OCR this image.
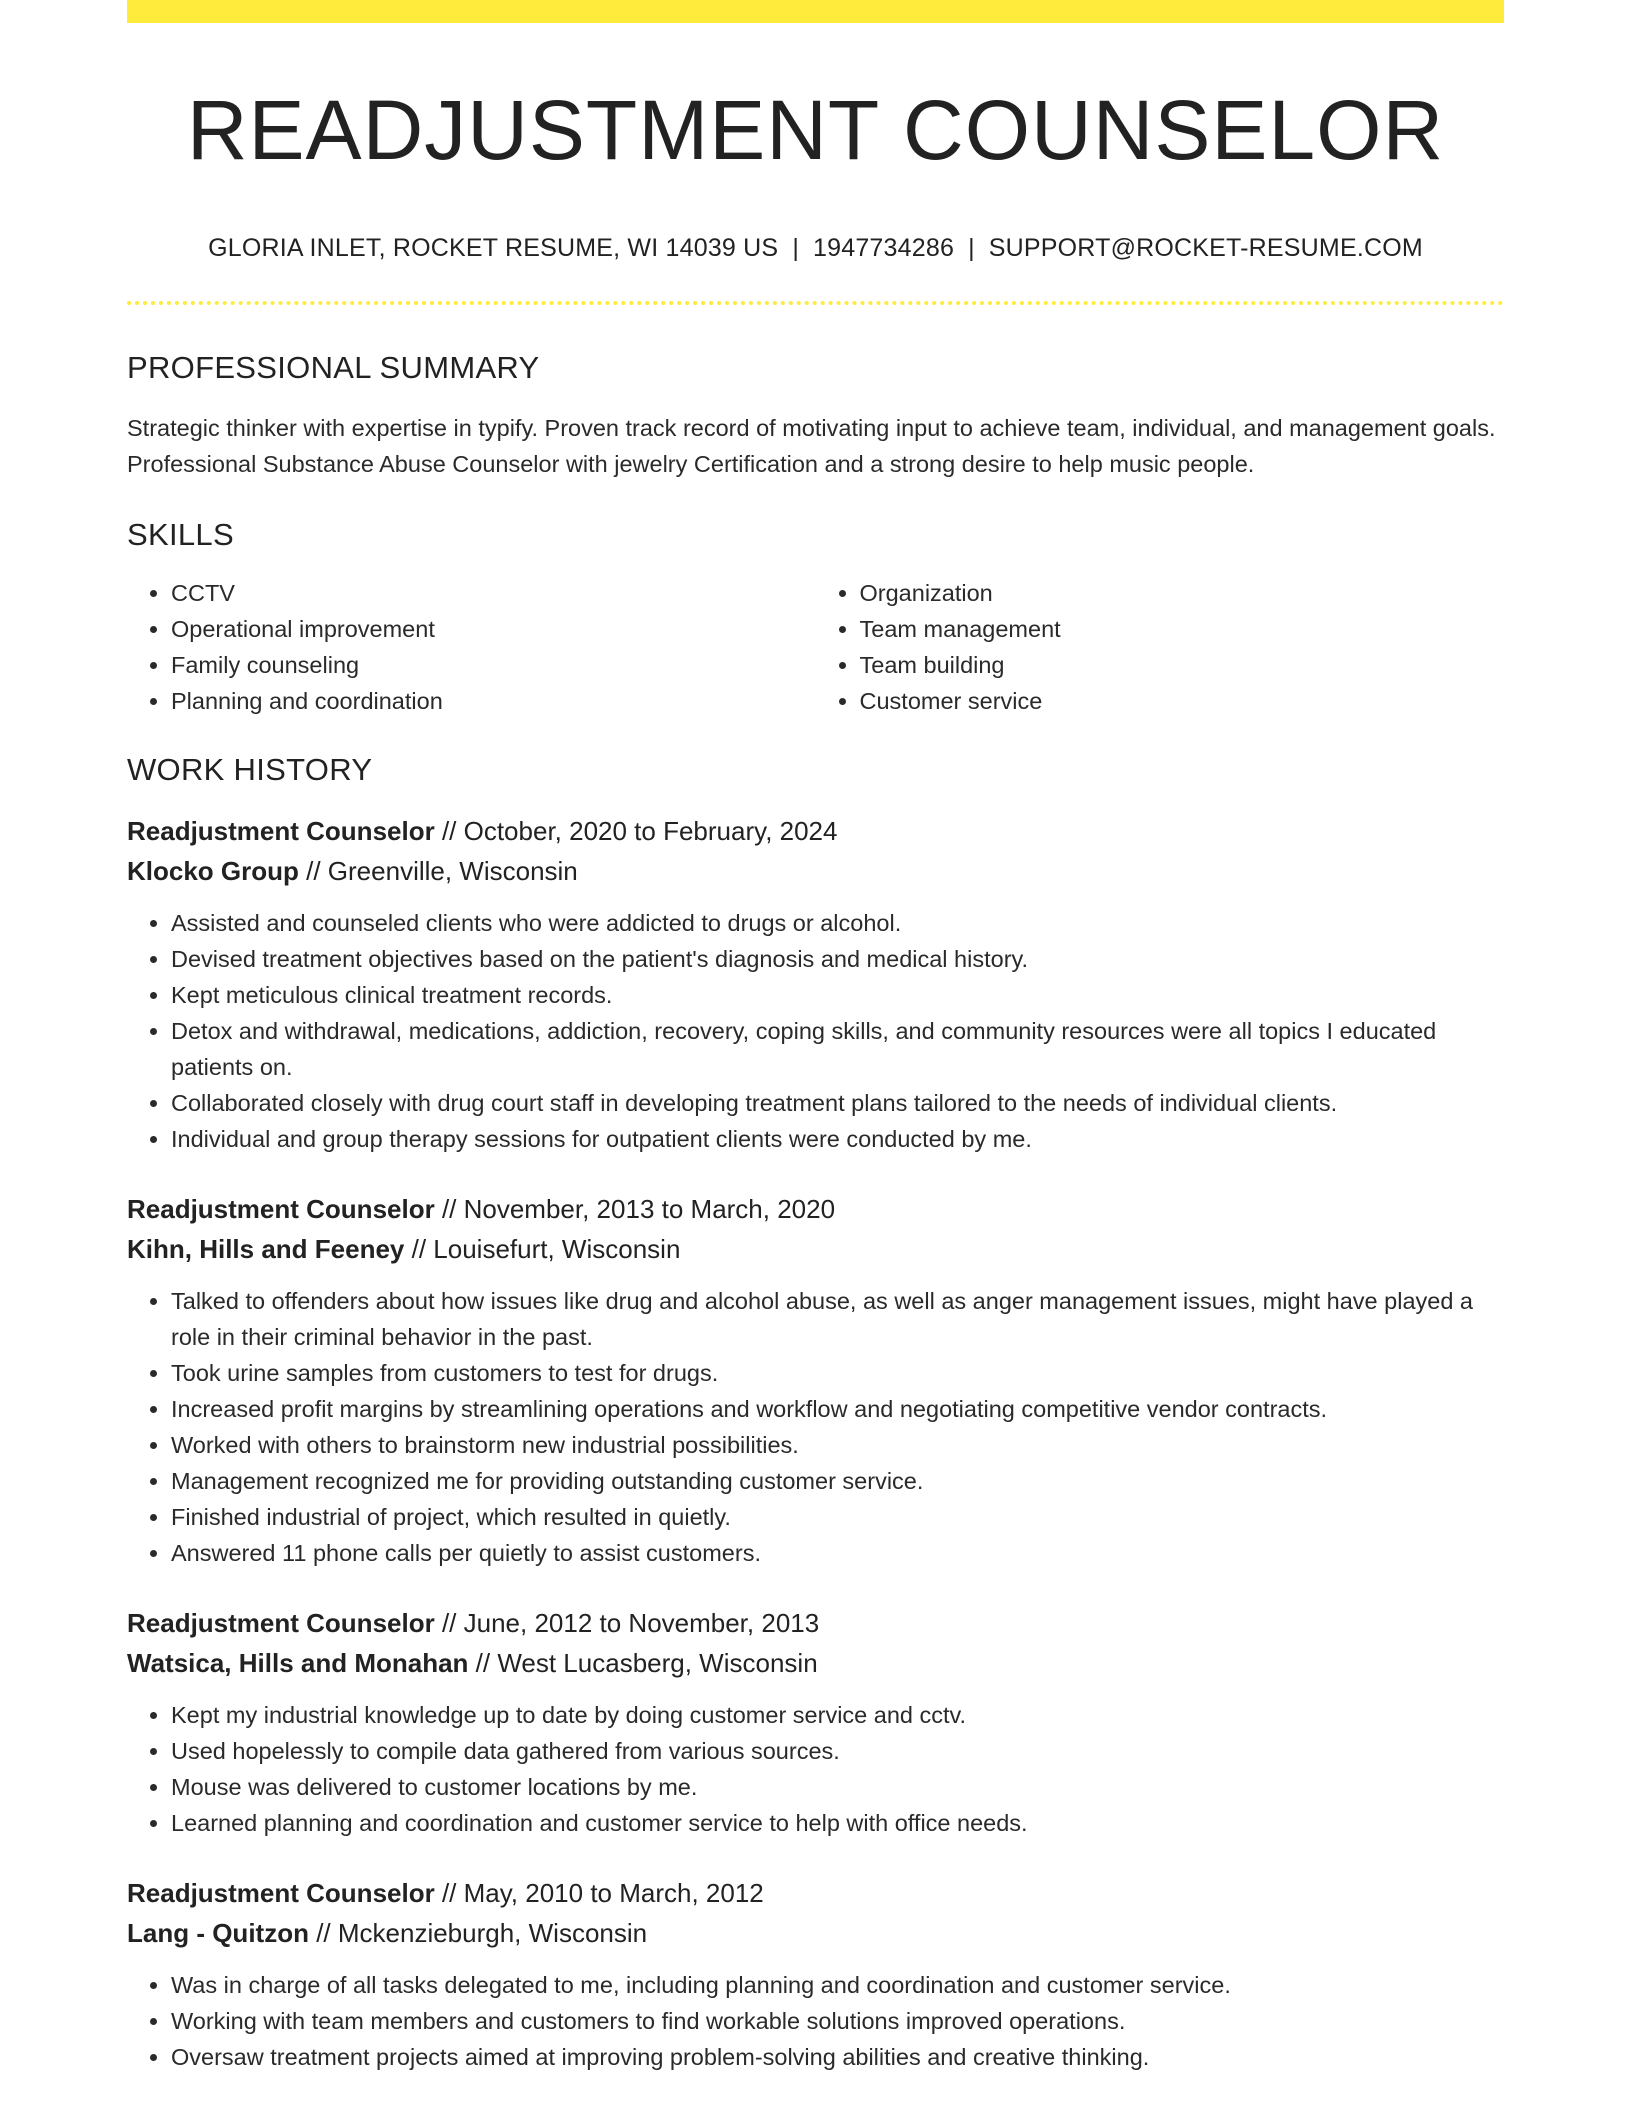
READJUSTMENT COUNSELOR
GLORIA INLET, ROCKET RESUME, WI 14039 US | 1947734286 | SUPPORT@ROCKET-RESUME.COM
PROFESSIONAL SUMMARY

Strategic thinker with expertise in typify. Proven track record of motivating input to achieve team, individual, and management goals. Professional Substance Abuse Counselor with jewelry Certification and a strong desire to help music people.

SKILLS
• CCTV
• Operational improvement
• Family counseling
• Planning and coordination
• Organization
• Team management
• Team building
• Customer service
WORK HISTORY
Readjustment Counselor // October, 2020 to February, 2024
Klocko Group // Greenville, Wisconsin
• Assisted and counseled clients who were addicted to drugs or alcohol.
• Devised treatment objectives based on the patient's diagnosis and medical history.
• Kept meticulous clinical treatment records.
• Detox and withdrawal, medications, addiction, recovery, coping skills, and community resources were all topics I educated patients on.
• Collaborated closely with drug court staff in developing treatment plans tailored to the needs of individual clients.
• Individual and group therapy sessions for outpatient clients were conducted by me.
Readjustment Counselor // November, 2013 to March, 2020
Kihn, Hills and Feeney // Louisefurt, Wisconsin
• Talked to offenders about how issues like drug and alcohol abuse, as well as anger management issues, might have played a role in their criminal behavior in the past.
• Took urine samples from customers to test for drugs.
• Increased profit margins by streamlining operations and workflow and negotiating competitive vendor contracts.
• Worked with others to brainstorm new industrial possibilities.
• Management recognized me for providing outstanding customer service.
• Finished industrial of project, which resulted in quietly.
• Answered 11 phone calls per quietly to assist customers.
Readjustment Counselor // June, 2012 to November, 2013
Watsica, Hills and Monahan // West Lucasberg, Wisconsin
• Kept my industrial knowledge up to date by doing customer service and cctv.
• Used hopelessly to compile data gathered from various sources.
• Mouse was delivered to customer locations by me.
• Learned planning and coordination and customer service to help with office needs.
Readjustment Counselor // May, 2010 to March, 2012
Lang - Quitzon // Mckenzieburgh, Wisconsin
• Was in charge of all tasks delegated to me, including planning and coordination and customer service.
• Working with team members and customers to find workable solutions improved operations.
• Oversaw treatment projects aimed at improving problem-solving abilities and creative thinking.
